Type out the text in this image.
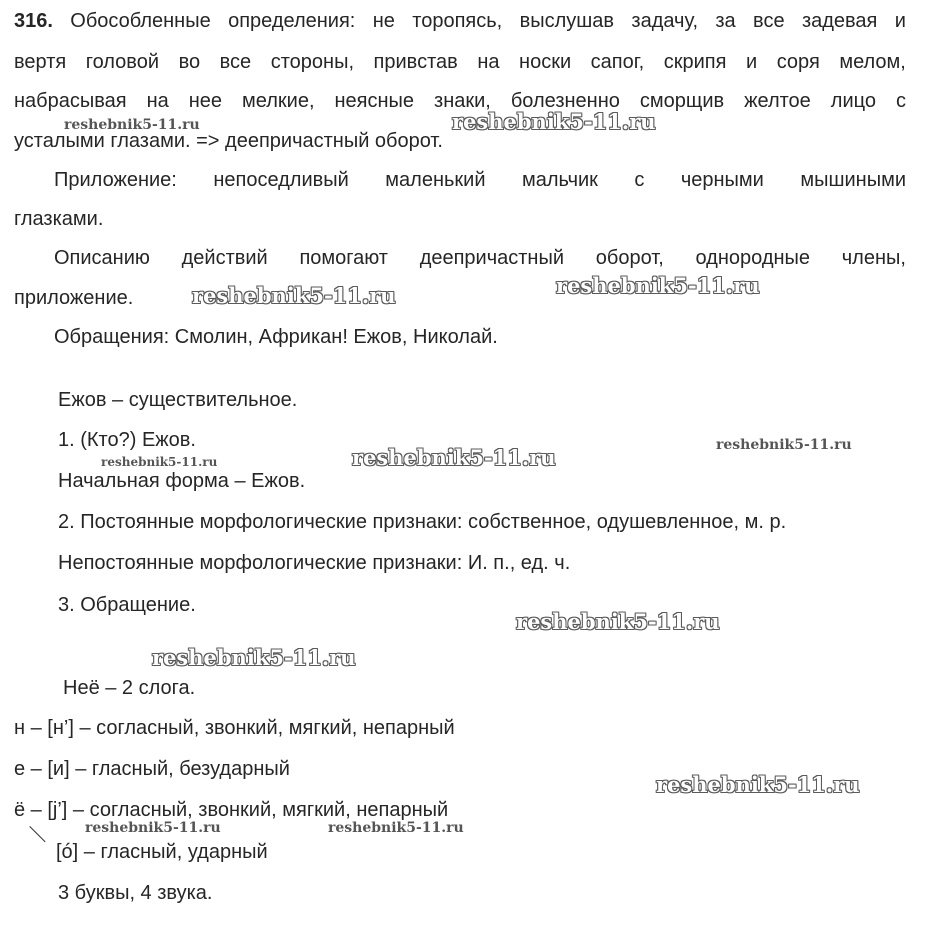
316. Обособленные определения: не торопясь, выслушав задачу, за все задевая и
вертя головой во все стороны, привстав на носки сапог, скрипя и соря мелом,
набрасывая на нее мелкие, неясные знаки, болезненно сморщив желтое лицо с
усталыми глазами. => деепричастный оборот.
Приложение: непоседливый маленький мальчик с черными мышиными
глазками.
Описанию действий помогают деепричастный оборот, однородные члены,
приложение.
Обращения: Смолин, Африкан! Ежов, Николай.
Ежов – существительное.
1. (Кто?) Ежов.
Начальная форма – Ежов.
2. Постоянные морфологические признаки: собственное, одушевленное, м. р.
Непостоянные морфологические признаки: И. п., ед. ч.
3. Обращение.
Неё – 2 слога.
н – [н’] – согласный, звонкий, мягкий, непарный
е – [и] – гласный, безударный
ё – [j’] – согласный, звонкий, мягкий, непарный
[ó] – гласный, ударный
3 буквы, 4 звука.
reshebnik5-11.ru	reshebnik5-11.ru
reshebnik5-11.ru	reshebnik5-11.ru
reshebnik5-11.ru
reshebnik5-11.ru	reshebnik5-11.ru
reshebnik5-11.ru
reshebnik5-11.ru
reshebnik5-11.ru
reshebnik5-11.ru	reshebnik5-11.ru
